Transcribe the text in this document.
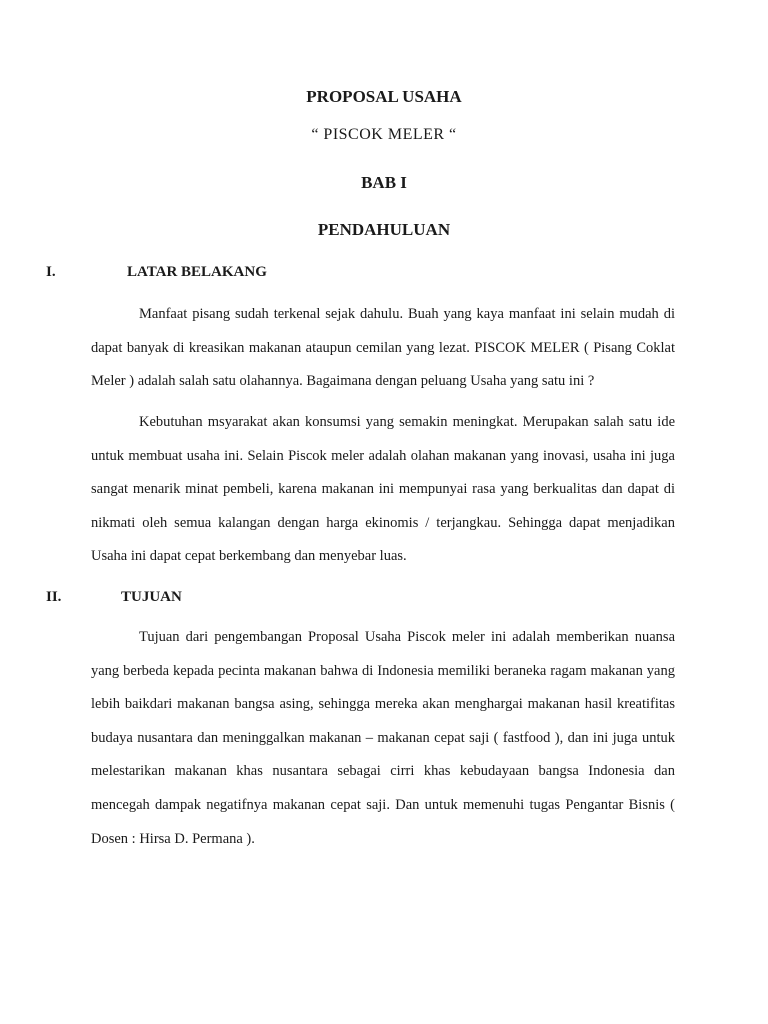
PROPOSAL USAHA
“ PISCOK MELER “
BAB I
PENDAHULUAN
I.	LATAR BELAKANG

Manfaat pisang sudah terkenal sejak dahulu. Buah yang kaya manfaat ini selain mudah di dapat banyak di kreasikan makanan ataupun cemilan yang lezat. PISCOK MELER ( Pisang Coklat Meler ) adalah salah satu olahannya. Bagaimana dengan peluang Usaha yang satu ini ?

Kebutuhan msyarakat akan konsumsi yang semakin meningkat. Merupakan salah satu ide untuk membuat usaha ini. Selain Piscok meler adalah olahan makanan yang inovasi, usaha ini juga sangat menarik minat pembeli, karena makanan ini mempunyai rasa yang berkualitas dan dapat di nikmati oleh semua kalangan dengan harga ekinomis / terjangkau. Sehingga dapat menjadikan Usaha ini dapat cepat berkembang dan menyebar luas.

II.	TUJUAN

Tujuan dari pengembangan Proposal Usaha Piscok meler ini adalah memberikan nuansa yang berbeda kepada pecinta makanan bahwa di Indonesia memiliki beraneka ragam makanan yang lebih baikdari makanan bangsa asing, sehingga mereka akan menghargai makanan hasil kreatifitas budaya nusantara dan meninggalkan makanan – makanan cepat saji ( fastfood ), dan ini juga untuk melestarikan makanan khas nusantara sebagai cirri khas kebudayaan bangsa Indonesia dan mencegah dampak negatifnya makanan cepat saji. Dan untuk memenuhi tugas Pengantar Bisnis ( Dosen : Hirsa D. Permana ).
